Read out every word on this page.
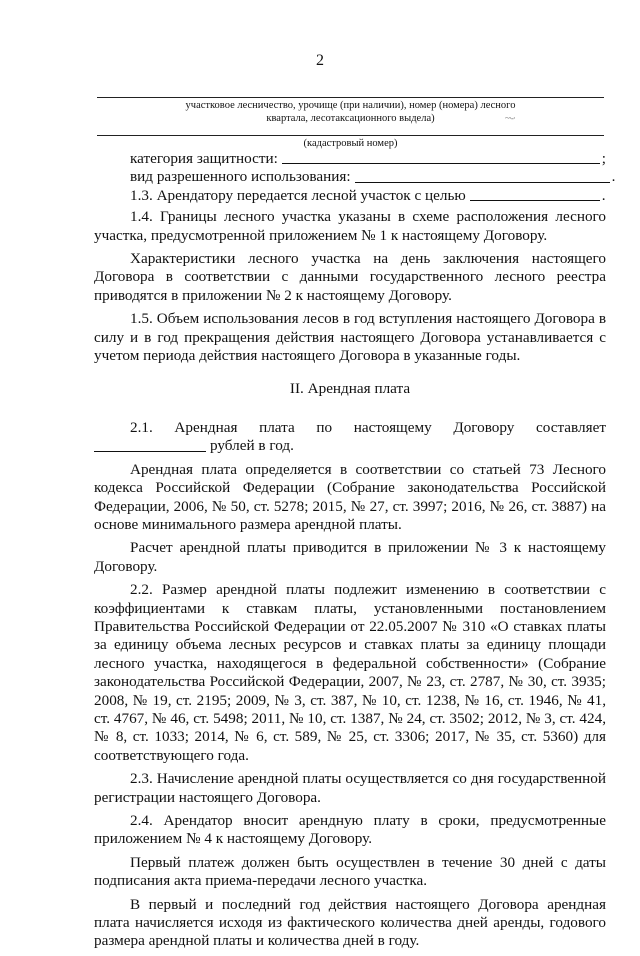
2
участковое лесничество, урочище (при наличии), номер (номера) лесного
квартала, лесотаксационного выдела)	~·-·
(кадастровый номер)
категория защитности:	;
вид разрешенного использования:	.
1.3. Арендатору передается лесной участок с целью	.

1.4. Границы лесного участка указаны в схеме расположения лесного участка, предусмотренной приложением № 1 к настоящему Договору.

Характеристики лесного участка на день заключения настоящего Договора в соответствии с данными государственного лесного реестра приводятся в приложении № 2 к настоящему Договору.

1.5. Объем использования лесов в год вступления настоящего Договора в силу и в год прекращения действия настоящего Договора устанавливается с учетом периода действия настоящего Договора в указанные годы.

II. Арендная плата
2.1. Арендная плата по настоящему Договору составляет
рублей в год.

Арендная плата определяется в соответствии со статьей 73 Лесного кодекса Российской Федерации (Собрание законодательства Российской Федерации, 2006, № 50, ст. 5278; 2015, № 27, ст. 3997; 2016, № 26, ст. 3887) на основе минимального размера арендной платы.

Расчет арендной платы приводится в приложении № 3 к настоящему Договору.

2.2. Размер арендной платы подлежит изменению в соответствии с коэффициентами к ставкам платы, установленными постановлением Правительства Российской Федерации от 22.05.2007 № 310 «О ставках платы за единицу объема лесных ресурсов и ставках платы за единицу площади лесного участка, находящегося в федеральной собственности» (Собрание законодательства Российской Федерации, 2007, № 23, ст. 2787, № 30, ст. 3935; 2008, № 19, ст. 2195; 2009, № 3, ст. 387, № 10, ст. 1238, № 16, ст. 1946, № 41, ст. 4767, № 46, ст. 5498; 2011, № 10, ст. 1387, № 24, ст. 3502; 2012, № 3, ст. 424, № 8, ст. 1033; 2014, № 6, ст. 589, № 25, ст. 3306; 2017, № 35, ст. 5360) для соответствующего года.

2.3. Начисление арендной платы осуществляется со дня государственной регистрации настоящего Договора.

2.4. Арендатор вносит арендную плату в сроки, предусмотренные приложением № 4 к настоящему Договору.

Первый платеж должен быть осуществлен в течение 30 дней с даты подписания акта приема-передачи лесного участка.

В первый и последний год действия настоящего Договора арендная плата начисляется исходя из фактического количества дней аренды, годового размера арендной платы и количества дней в году.
